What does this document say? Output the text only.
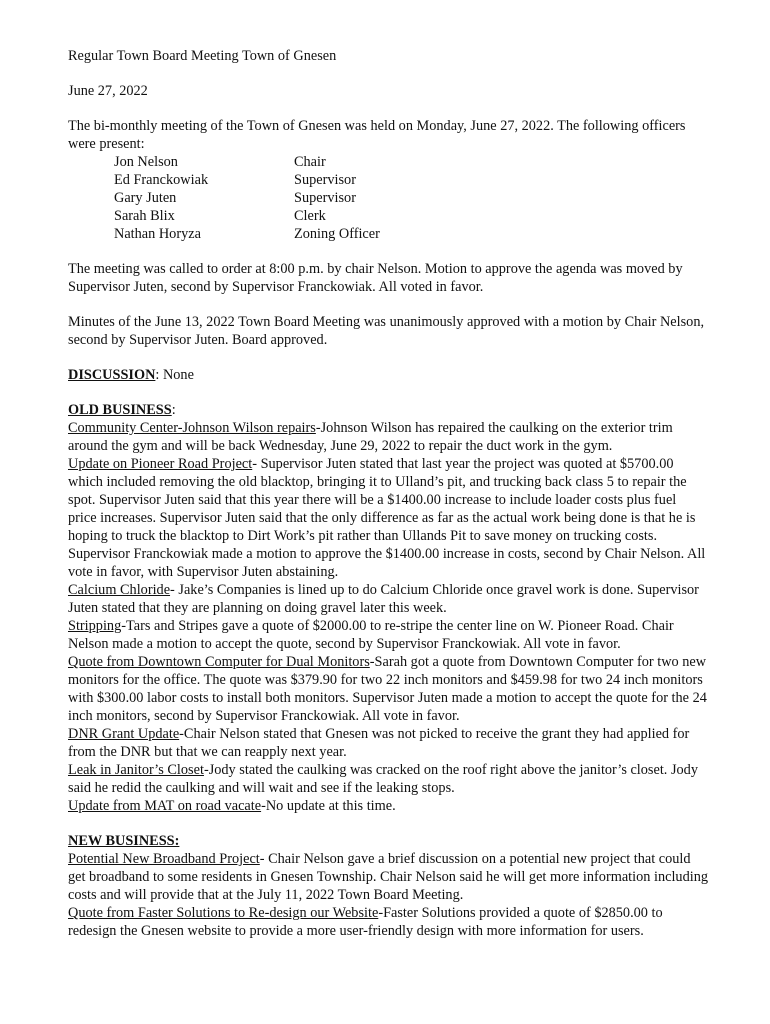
Regular Town Board Meeting Town of Gnesen

June 27, 2022

The bi-monthly meeting of the Town of Gnesen was held on Monday, June 27, 2022. The following officers were present:

Jon Nelson	Chair
Ed Franckowiak	Supervisor
Gary Juten	Supervisor
Sarah Blix	Clerk
Nathan Horyza	Zoning Officer

The meeting was called to order at 8:00 p.m. by chair Nelson. Motion to approve the agenda was moved by Supervisor Juten, second by Supervisor Franckowiak. All voted in favor.

Minutes of the June 13, 2022 Town Board Meeting was unanimously approved with a motion by Chair Nelson, second by Supervisor Juten. Board approved.

DISCUSSION: None

OLD BUSINESS:

Community Center-Johnson Wilson repairs-Johnson Wilson has repaired the caulking on the exterior trim around the gym and will be back Wednesday, June 29, 2022 to repair the duct work in the gym.

Update on Pioneer Road Project- Supervisor Juten stated that last year the project was quoted at $5700.00 which included removing the old blacktop, bringing it to Ulland’s pit, and trucking back class 5 to repair the spot. Supervisor Juten said that this year there will be a $1400.00 increase to include loader costs plus fuel price increases. Supervisor Juten said that the only difference as far as the actual work being done is that he is hoping to truck the blacktop to Dirt Work’s pit rather than Ullands Pit to save money on trucking costs. Supervisor Franckowiak made a motion to approve the $1400.00 increase in costs, second by Chair Nelson. All vote in favor, with Supervisor Juten abstaining.

Calcium Chloride- Jake’s Companies is lined up to do Calcium Chloride once gravel work is done. Supervisor Juten stated that they are planning on doing gravel later this week.

Stripping-Tars and Stripes gave a quote of $2000.00 to re-stripe the center line on W. Pioneer Road. Chair Nelson made a motion to accept the quote, second by Supervisor Franckowiak. All vote in favor.

Quote from Downtown Computer for Dual Monitors-Sarah got a quote from Downtown Computer for two new monitors for the office. The quote was $379.90 for two 22 inch monitors and $459.98 for two 24 inch monitors with $300.00 labor costs to install both monitors. Supervisor Juten made a motion to accept the quote for the 24 inch monitors, second by Supervisor Franckowiak. All vote in favor.

DNR Grant Update-Chair Nelson stated that Gnesen was not picked to receive the grant they had applied for from the DNR but that we can reapply next year.

Leak in Janitor’s Closet-Jody stated the caulking was cracked on the roof right above the janitor’s closet. Jody said he redid the caulking and will wait and see if the leaking stops.

Update from MAT on road vacate-No update at this time.

NEW BUSINESS:

Potential New Broadband Project- Chair Nelson gave a brief discussion on a potential new project that could get broadband to some residents in Gnesen Township. Chair Nelson said he will get more information including costs and will provide that at the July 11, 2022 Town Board Meeting.

Quote from Faster Solutions to Re-design our Website-Faster Solutions provided a quote of $2850.00 to redesign the Gnesen website to provide a more user-friendly design with more information for users.
